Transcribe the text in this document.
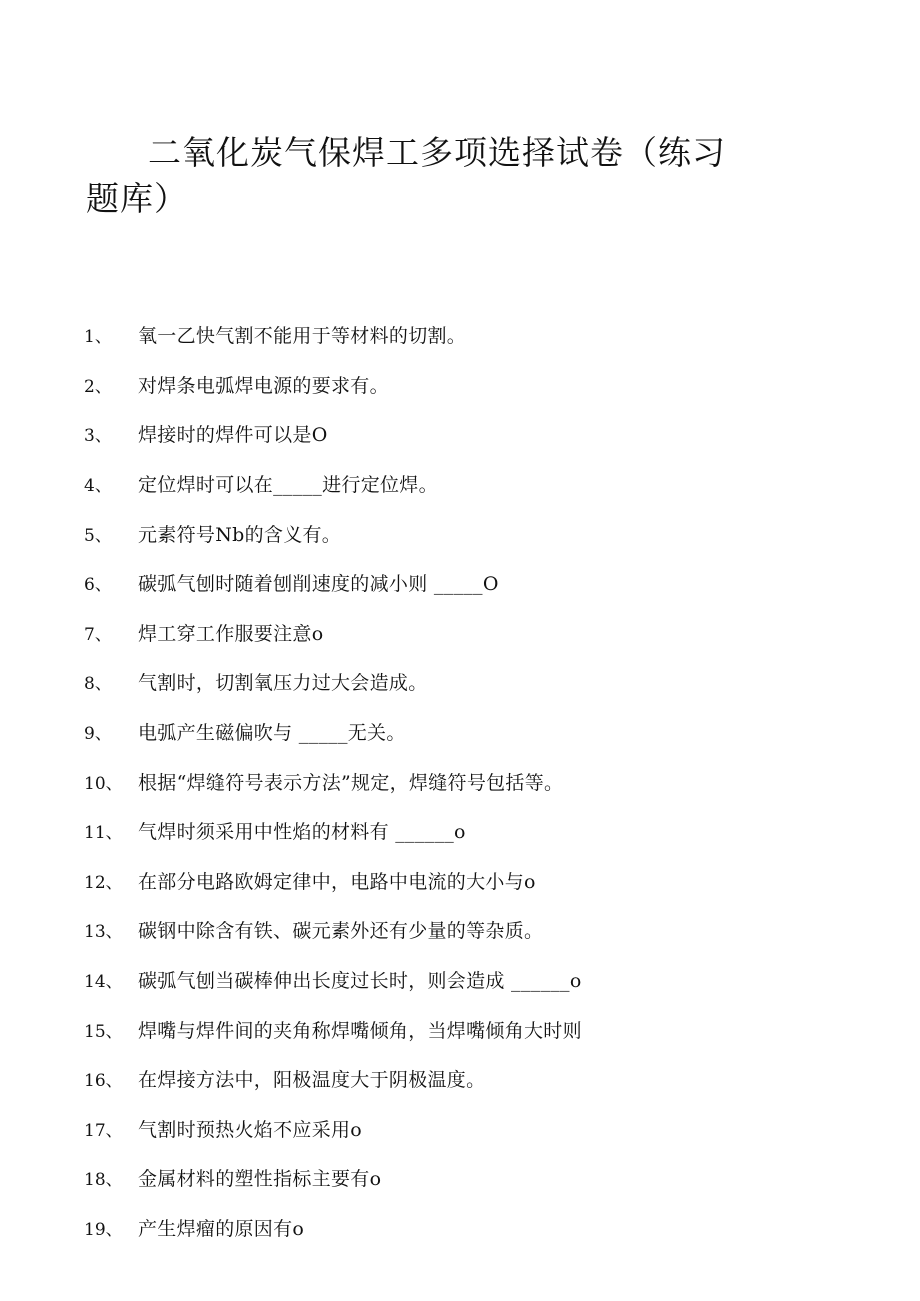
二氧化炭气保焊工多项选择试卷（练习题库）
1、	氧一乙快气割不能用于等材料的切割。
2、	对焊条电弧焊电源的要求有。
3、	焊接时的焊件可以是O
4、	定位焊时可以在_____进行定位焊。
5、	元素符号Nb的含义有。
6、	碳弧气刨时随着刨削速度的减小则 _____O
7、	焊工穿工作服要注意o
8、	气割时，切割氧压力过大会造成。
9、	电弧产生磁偏吹与 _____无关。
10、 根据“焊缝符号表示方法”规定，焊缝符号包括等。
11、 气焊时须采用中性焰的材料有 ______o
12、 在部分电路欧姆定律中，电路中电流的大小与o
13、 碳钢中除含有铁、碳元素外还有少量的等杂质。
14、 碳弧气刨当碳棒伸出长度过长时，则会造成 ______o
15、 焊嘴与焊件间的夹角称焊嘴倾角，当焊嘴倾角大时则
16、 在焊接方法中，阳极温度大于阴极温度。
17、 气割时预热火焰不应采用o
18、 金属材料的塑性指标主要有o
19、 产生焊瘤的原因有o
